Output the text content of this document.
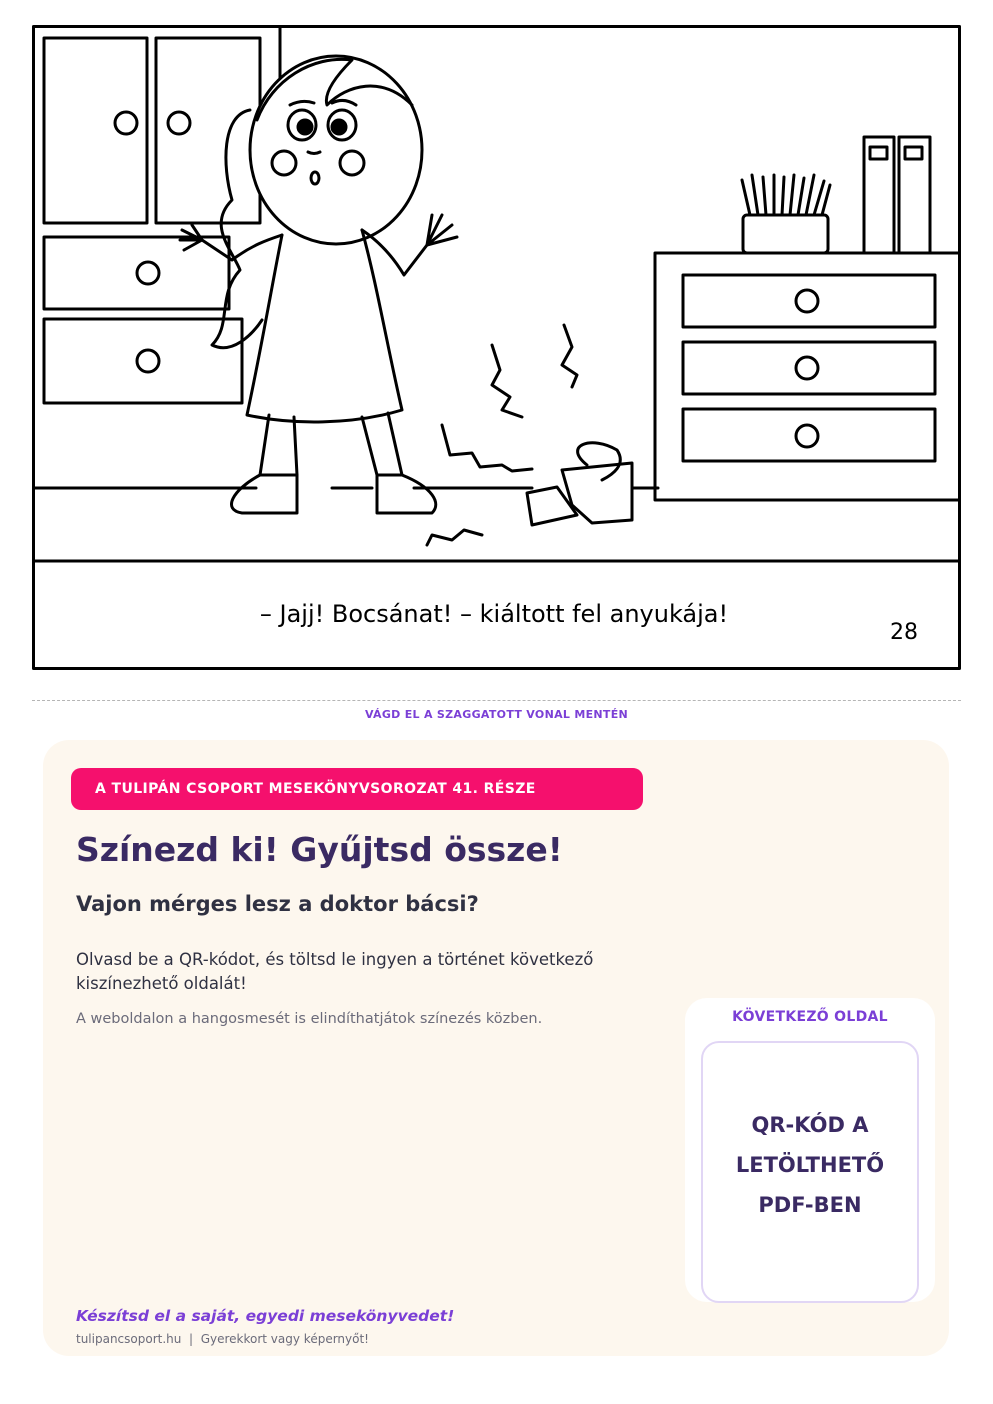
– Jajj! Bocsánat! – kiáltott fel anyukája!
28
VÁGD EL A SZAGGATOTT VONAL MENTÉN
A TULIPÁN CSOPORT MESEKÖNYVSOROZAT 41. RÉSZE
Színezd ki! Gyűjtsd össze!
Vajon mérges lesz a doktor bácsi?

Olvasd be a QR-kódot, és töltsd le ingyen a történet következő kiszínezhető oldalát!

A weboldalon a hangosmesét is elindíthatjátok színezés közben.	KÖVETKEZŐ OLDAL
QR-KÓD A
LETÖLTHETŐ
PDF-BEN
Készítsd el a saját, egyedi mesekönyvedet!
tulipancsoport.hu | Gyerekkort vagy képernyőt!
